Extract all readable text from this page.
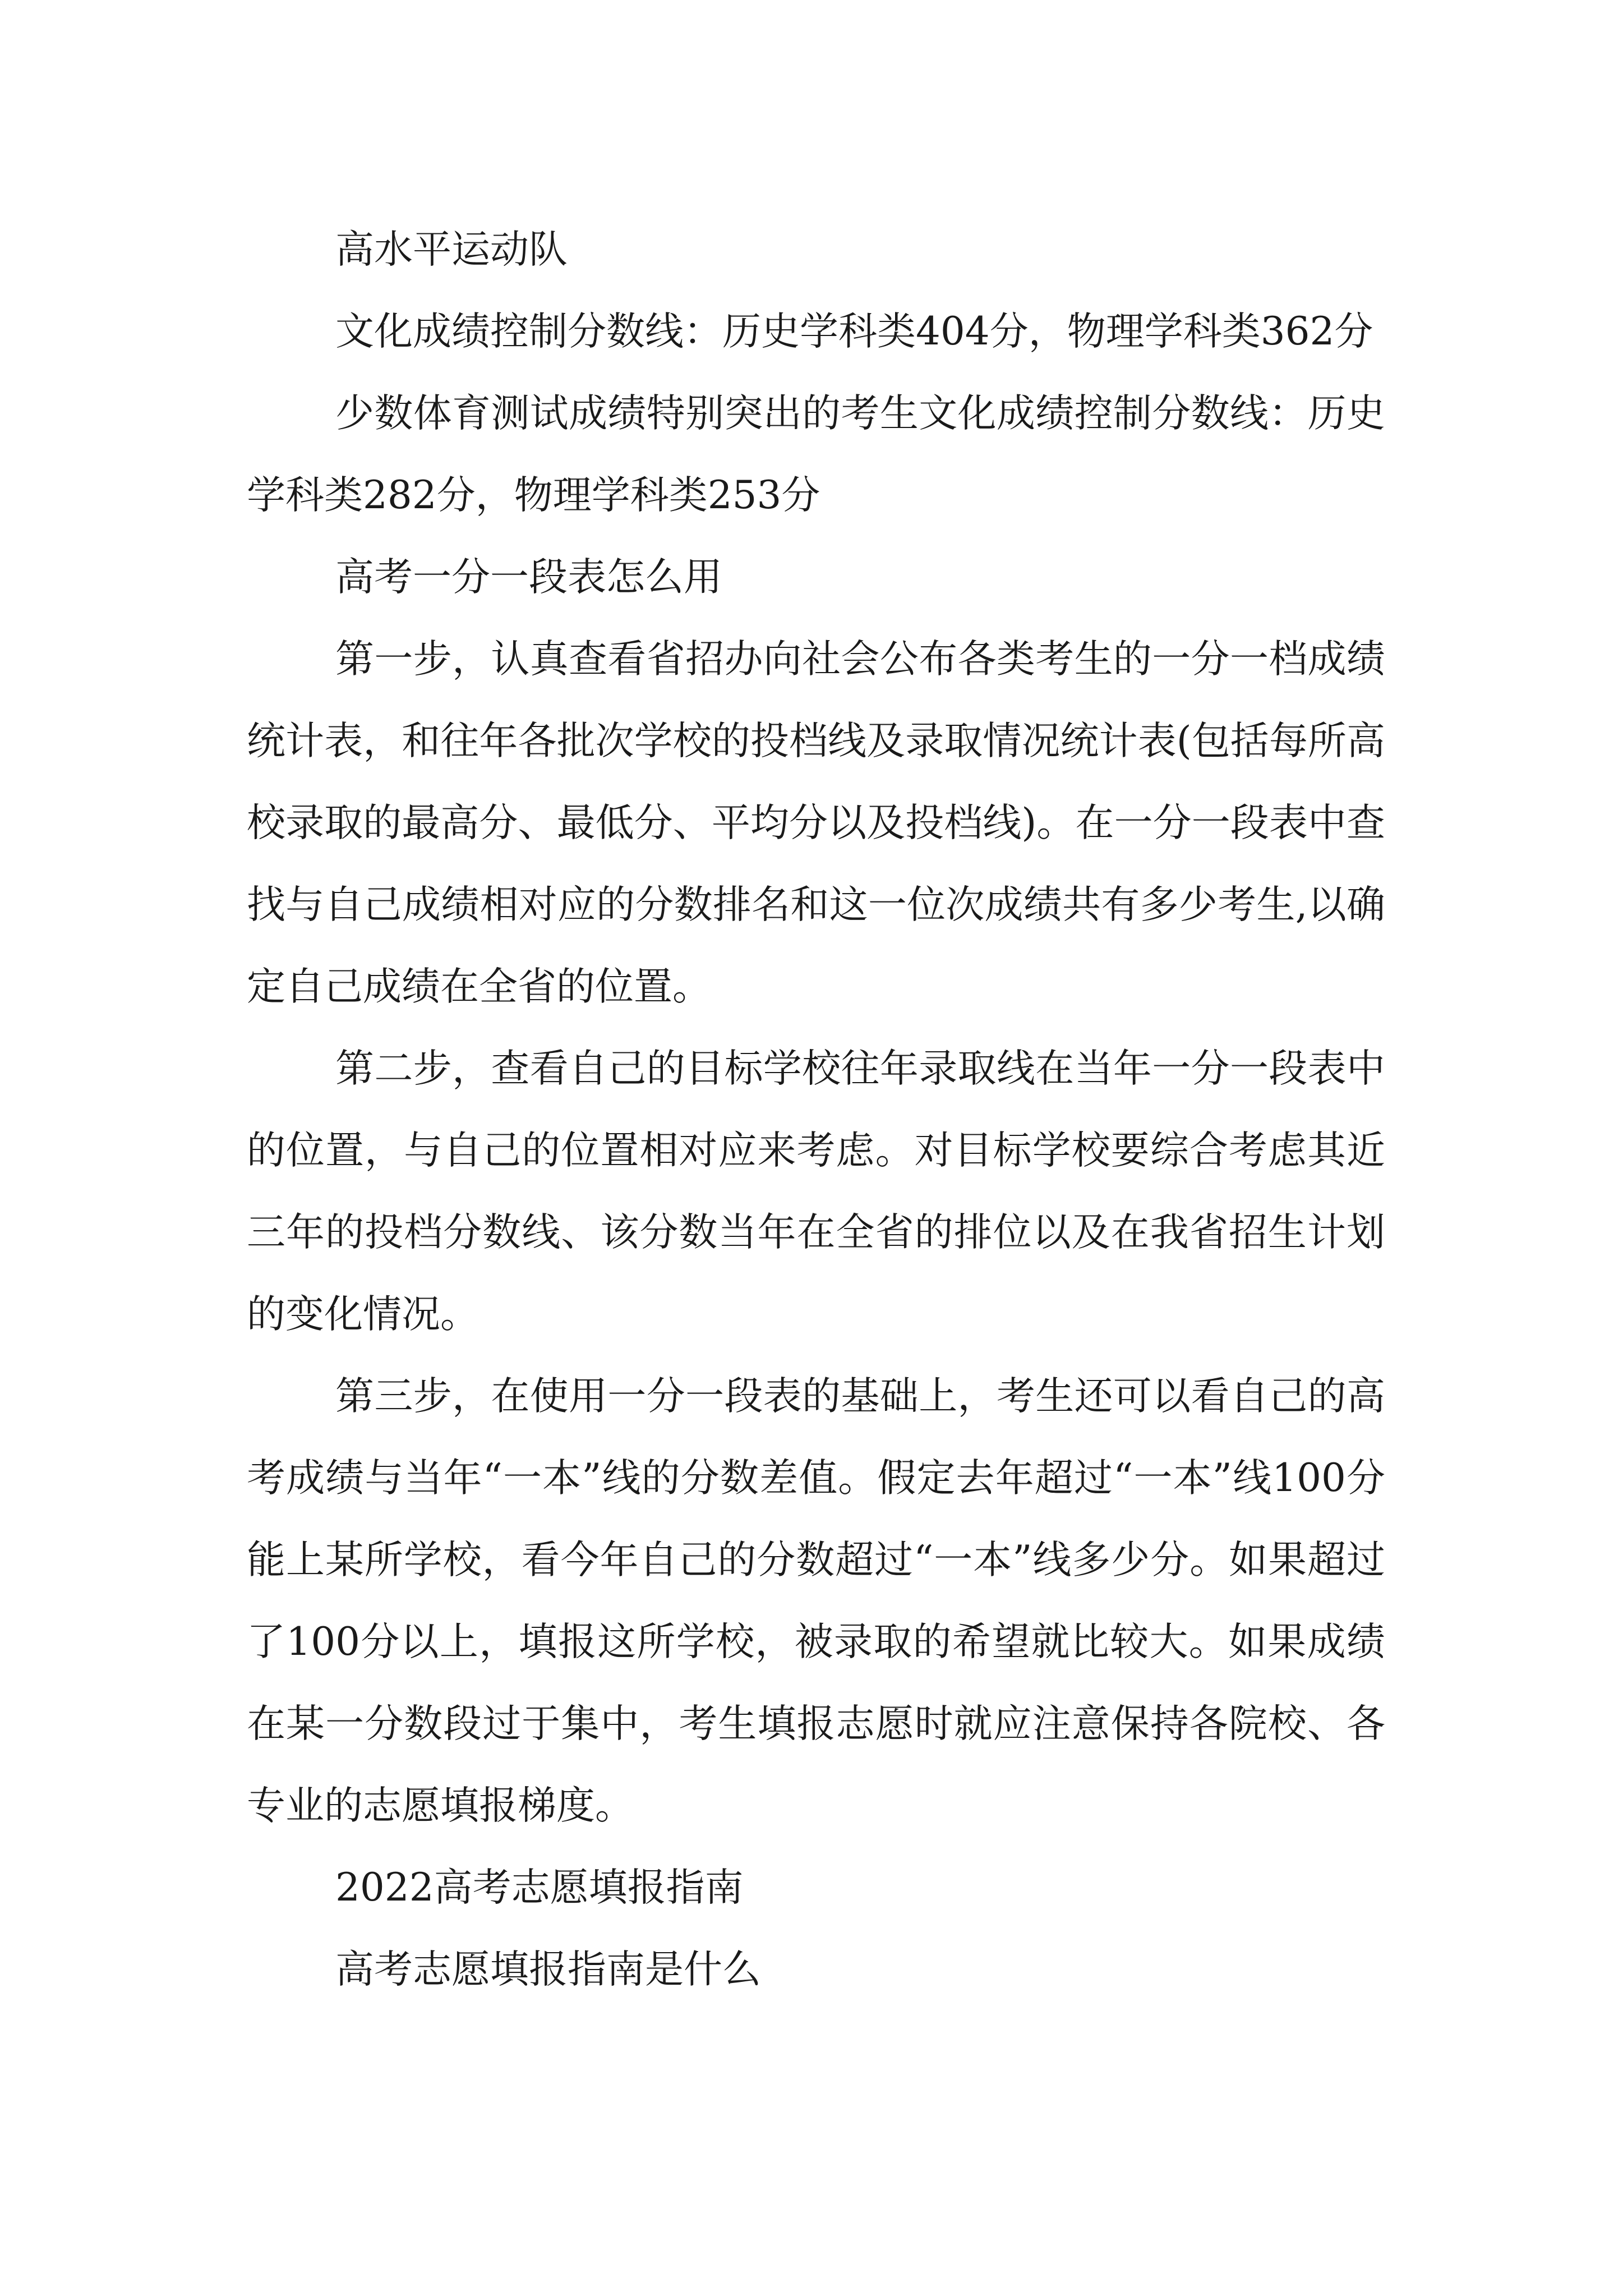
高水平运动队

文化成绩控制分数线：历史学科类404分，物理学科类362分

少数体育测试成绩特别突出的考生文化成绩控制分数线：历史学科类282分，物理学科类253分

高考一分一段表怎么用

第一步，认真查看省招办向社会公布各类考生的一分一档成绩统计表，和往年各批次学校的投档线及录取情况统计表(包括每所高校录取的最高分、最低分、平均分以及投档线)。在一分一段表中查找与自己成绩相对应的分数排名和这一位次成绩共有多少考生,以确定自己成绩在全省的位置。

第二步，查看自己的目标学校往年录取线在当年一分一段表中的位置，与自己的位置相对应来考虑。对目标学校要综合考虑其近三年的投档分数线、该分数当年在全省的排位以及在我省招生计划的变化情况。

第三步，在使用一分一段表的基础上，考生还可以看自己的高考成绩与当年“一本”线的分数差值。假定去年超过“一本”线100分能上某所学校，看今年自己的分数超过“一本”线多少分。如果超过了100分以上，填报这所学校，被录取的希望就比较大。如果成绩在某一分数段过于集中，考生填报志愿时就应注意保持各院校、各专业的志愿填报梯度。

2022高考志愿填报指南

高考志愿填报指南是什么
